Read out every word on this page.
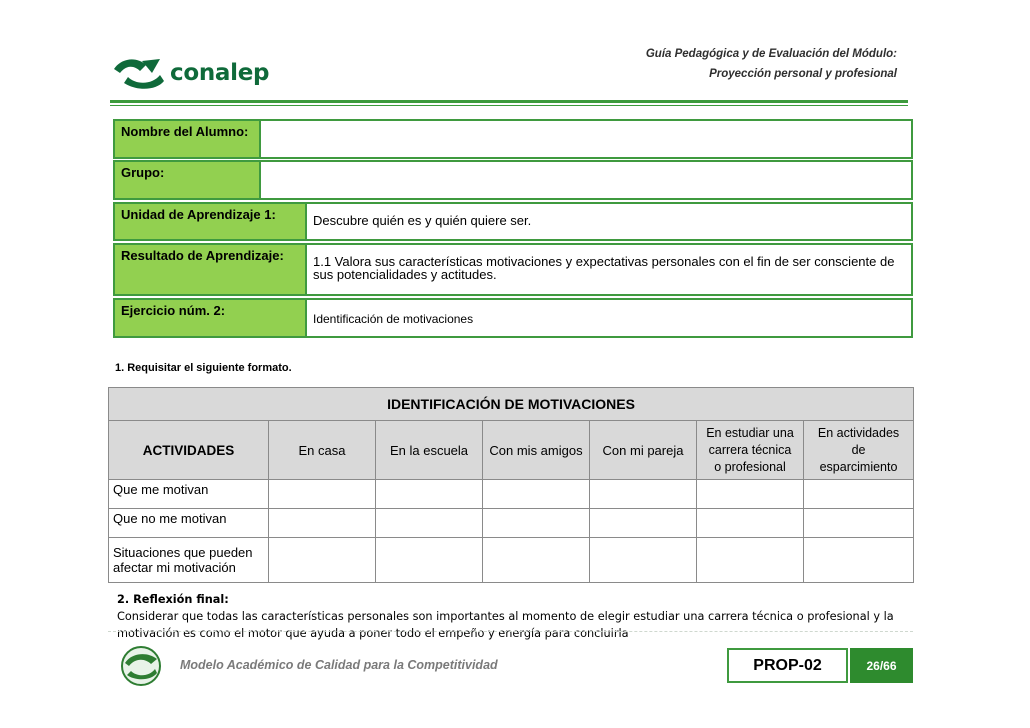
Guía Pedagógica y de Evaluación del Módulo:
Proyección personal y profesional
conalep
Nombre del Alumno:
Grupo:
Unidad de Aprendizaje 1:	Descubre quién es y quién quiere ser.
Resultado de Aprendizaje:	1.1 Valora sus características motivaciones y expectativas personales con el fin de ser consciente de sus potencialidades y actitudes.
Ejercicio núm. 2:
Identificación de motivaciones
1. Requisitar el siguiente formato.
IDENTIFICACIÓN DE MOTIVACIONES						
ACTIVIDADES	En casa	En la escuela	Con mis amigos	Con mi pareja	En estudiar una
carrera técnica
o profesional	En actividades
de
esparcimiento
Que me motivan						
Que no me motivan						
Situaciones que pueden
afectar mi motivación						
2. Reflexión final:
Considerar que todas las características personales son importantes al momento de elegir estudiar una carrera técnica o profesional y la motivación es como el motor que ayuda a poner todo el empeño y energía para concluirla
Modelo Académico de Calidad para la Competitividad	PROP-02	26/66
